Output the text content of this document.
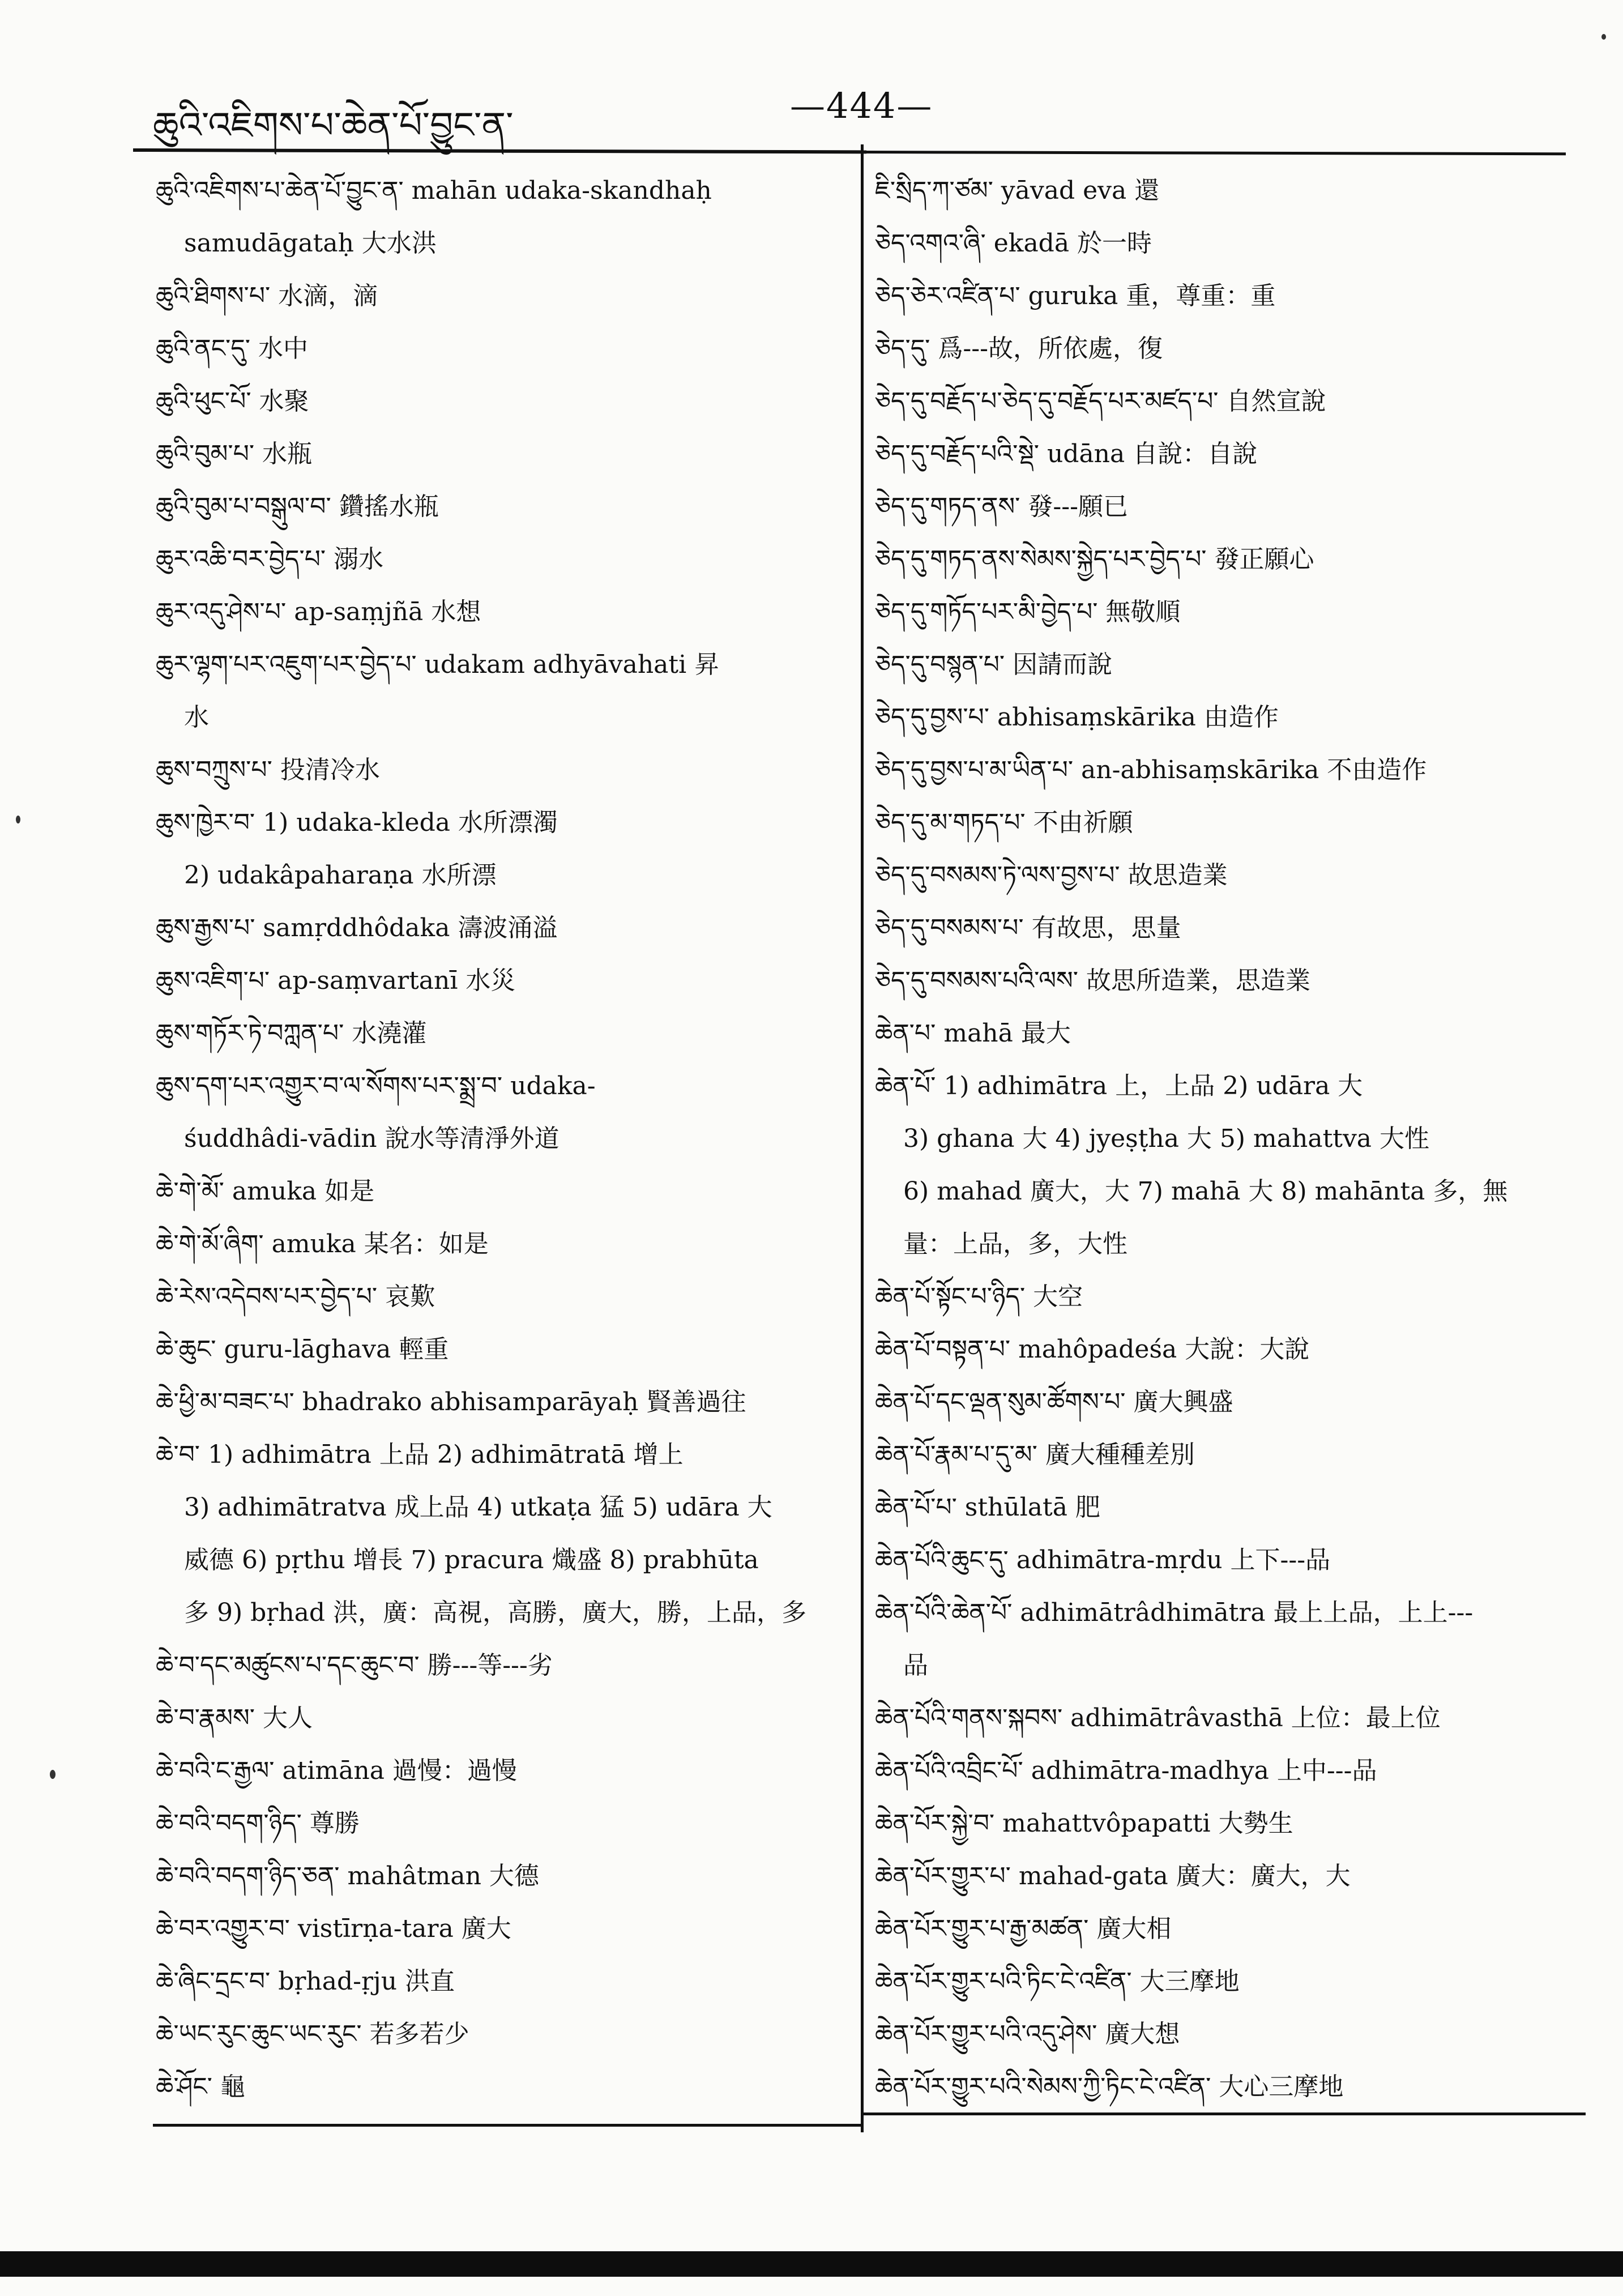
ཆུའི་འཇིགས་པ་ཆེན་པོ་བྱུང་ན་	—444—
ཆུའི་འཇིགས་པ་ཆེན་པོ་བྱུང་ན་ mahān udaka-skandhaḥ
samudāgataḥ 大水洪
ཆུའི་ཐིགས་པ་ 水滴，滴
ཆུའི་ནང་དུ་ 水中
ཆུའི་ཕུང་པོ་ 水聚
ཆུའི་བུམ་པ་ 水瓶
ཆུའི་བུམ་པ་བསྒུལ་བ་ 鑽搖水瓶
ཆུར་འཆི་བར་བྱེད་པ་ 溺水
ཆུར་འདུ་ཤེས་པ་ ap-saṃjñā 水想
ཆུར་ལྷག་པར་འཇུག་པར་བྱེད་པ་ udakam adhyāvahati 昇
水
ཆུས་བཀྲུས་པ་ 投清冷水
ཆུས་ཁྱེར་བ་ 1) udaka-kleda 水所漂濁
2) udakâpaharaṇa 水所漂
ཆུས་རྒྱས་པ་ samṛddhôdaka 濤波涌溢
ཆུས་འཇིག་པ་ ap-saṃvartanī 水災
ཆུས་གཏོར་ཏེ་བཀླན་པ་ 水澆灌
ཆུས་དག་པར་འགྱུར་བ་ལ་སོགས་པར་སྨྲ་བ་ udaka-
śuddhâdi-vādin 說水等清淨外道
ཆེ་གེ་མོ་ amuka 如是
ཆེ་གེ་མོ་ཞིག་ amuka 某名：如是
ཆེ་རེས་འདེབས་པར་བྱེད་པ་ 哀歎
ཆེ་ཆུང་ guru-lāghava 輕重
ཆེ་ཕྱི་མ་བཟང་པ་ bhadrako abhisamparāyaḥ 賢善過往
ཆེ་བ་ 1) adhimātra 上品 2) adhimātratā 增上
3) adhimātratva 成上品 4) utkaṭa 猛 5) udāra 大
威德 6) pṛthu 增長 7) pracura 熾盛 8) prabhūta
多 9) bṛhad 洪，廣：高視，高勝，廣大，勝，上品，多
ཆེ་བ་དང་མཚུངས་པ་དང་ཆུང་བ་ 勝---等---劣
ཆེ་བ་རྣམས་ 大人
ཆེ་བའི་ང་རྒྱལ་ atimāna 過慢：過慢
ཆེ་བའི་བདག་ཉིད་ 尊勝
ཆེ་བའི་བདག་ཉིད་ཅན་ mahâtman 大德
ཆེ་བར་འགྱུར་བ་ vistīrṇa-tara 廣大
ཆེ་ཞིང་དྲང་བ་ bṛhad-ṛju 洪直
ཆེ་ཡང་རུང་ཆུང་ཡང་རུང་ 若多若少
ཆེ་ཤོང་ 龜
ཇི་སྲིད་ཀ་ཙམ་ yāvad eva 還
ཅེད་འགའ་ཞི་ ekadā 於一時
ཅེད་ཅེར་འཛིན་པ་ guruka 重，尊重：重
ཅེད་དུ་ 爲---故，所依處，復
ཅེད་དུ་བརྗོད་པ་ཅེད་དུ་བརྗོད་པར་མཛད་པ་ 自然宣說
ཅེད་དུ་བརྗོད་པའི་སྡེ་ udāna 自說：自說
ཅེད་དུ་གཏད་ནས་ 發---願已
ཅེད་དུ་གཏད་ནས་སེམས་སྐྱེད་པར་བྱེད་པ་ 發正願心
ཅེད་དུ་གཏོད་པར་མི་བྱེད་པ་ 無敬順
ཅེད་དུ་བསྙན་པ་ 因請而說
ཅེད་དུ་བྱས་པ་ abhisaṃskārika 由造作
ཅེད་དུ་བྱས་པ་མ་ཡིན་པ་ an-abhisaṃskārika 不由造作
ཅེད་དུ་མ་གཏད་པ་ 不由祈願
ཅེད་དུ་བསམས་ཏེ་ལས་བྱས་པ་ 故思造業
ཅེད་དུ་བསམས་པ་ 有故思，思量
ཅེད་དུ་བསམས་པའི་ལས་ 故思所造業，思造業
ཆེན་པ་ mahā 最大
ཆེན་པོ་ 1) adhimātra 上，上品 2) udāra 大
3) ghana 大 4) jyeṣṭha 大 5) mahattva 大性
6) mahad 廣大，大 7) mahā 大 8) mahānta 多，無
量：上品，多，大性
ཆེན་པོ་སྟོང་པ་ཉིད་ 大空
ཆེན་པོ་བསྟན་པ་ mahôpadeśa 大說：大說
ཆེན་པོ་དང་ལྡན་སུམ་ཚོགས་པ་ 廣大興盛
ཆེན་པོ་རྣམ་པ་དུ་མ་ 廣大種種差別
ཆེན་པོ་པ་ sthūlatā 肥
ཆེན་པོའི་ཆུང་དུ་ adhimātra-mṛdu 上下---品
ཆེན་པོའི་ཆེན་པོ་ adhimātrâdhimātra 最上上品，上上---
品
ཆེན་པོའི་གནས་སྐབས་ adhimātrâvasthā 上位：最上位
ཆེན་པོའི་འབྲིང་པོ་ adhimātra-madhya 上中---品
ཆེན་པོར་སྐྱེ་བ་ mahattvôpapatti 大勢生
ཆེན་པོར་གྱུར་པ་ mahad-gata 廣大：廣大，大
ཆེན་པོར་གྱུར་པ་རྒྱ་མཚན་ 廣大相
ཆེན་པོར་གྱུར་པའི་ཏིང་ངེ་འཛིན་ 大三摩地
ཆེན་པོར་གྱུར་པའི་འདུ་ཤེས་ 廣大想
ཆེན་པོར་གྱུར་པའི་སེམས་ཀྱི་ཏིང་ངེ་འཛིན་ 大心三摩地
